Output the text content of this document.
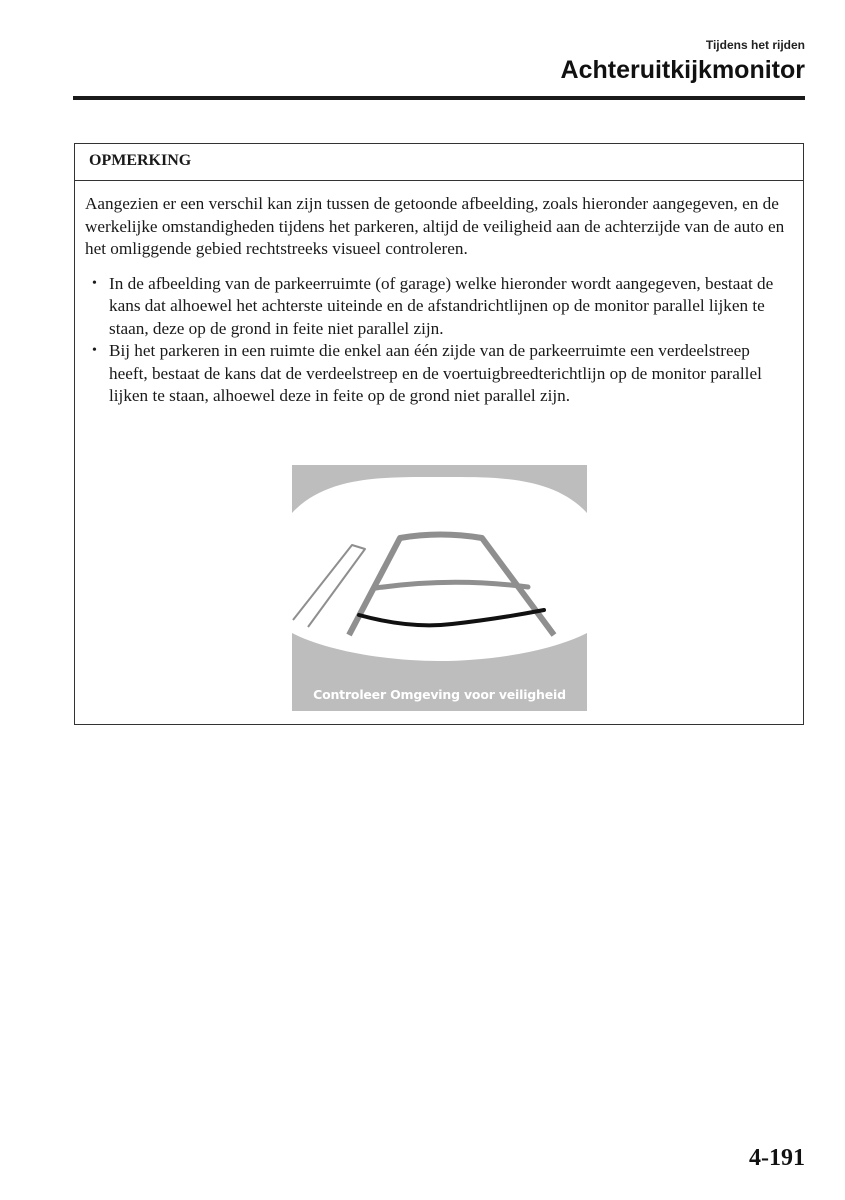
Tijdens het rijden
Achteruitkijkmonitor
OPMERKING

Aangezien er een verschil kan zijn tussen de getoonde afbeelding, zoals hieronder aangegeven, en de werkelijke omstandigheden tijdens het parkeren, altijd de veiligheid aan de achterzijde van de auto en het omliggende gebied rechtstreeks visueel controleren.

• In de afbeelding van de parkeerruimte (of garage) welke hieronder wordt aangegeven, bestaat de kans dat alhoewel het achterste uiteinde en de afstandrichtlijnen op de monitor parallel lijken te staan, deze op de grond in feite niet parallel zijn.
• Bij het parkeren in een ruimte die enkel aan één zijde van de parkeerruimte een verdeelstreep heeft, bestaat de kans dat de verdeelstreep en de voertuigbreedterichtlijn op de monitor parallel lijken te staan, alhoewel deze in feite op de grond niet parallel zijn.
Controleer Omgeving voor veiligheid
4-191
